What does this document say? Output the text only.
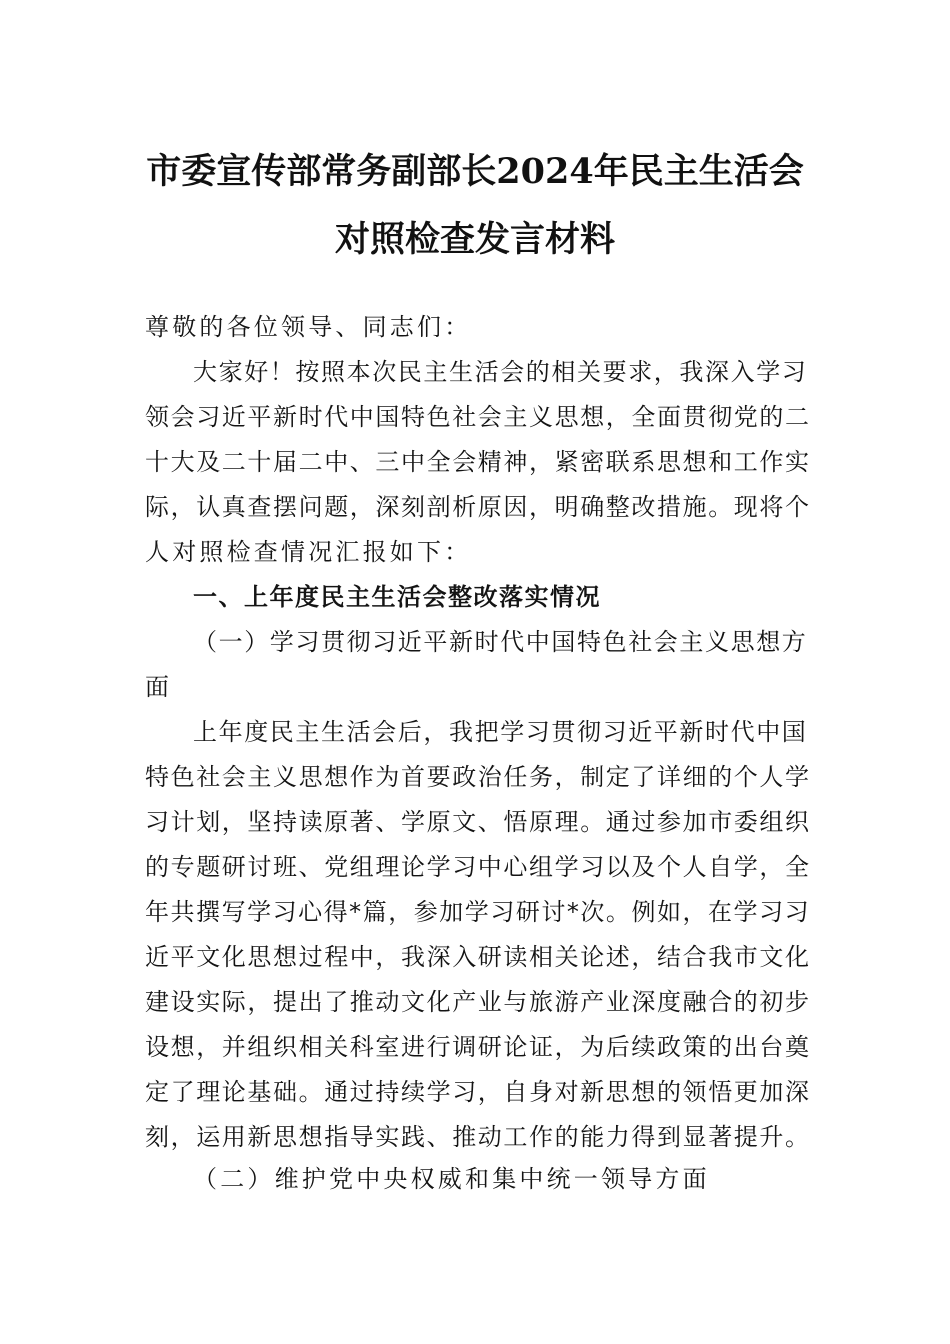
市委宣传部常务副部长2024年民主生活会
对照检查发言材料
尊敬的各位领导、同志们：
大家好！按照本次民主生活会的相关要求，我深入学习
领会习近平新时代中国特色社会主义思想，全面贯彻党的二
十大及二十届二中、三中全会精神，紧密联系思想和工作实
际，认真查摆问题，深刻剖析原因，明确整改措施。现将个
人对照检查情况汇报如下：
一、上年度民主生活会整改落实情况
（一）学习贯彻习近平新时代中国特色社会主义思想方
面
上年度民主生活会后，我把学习贯彻习近平新时代中国
特色社会主义思想作为首要政治任务，制定了详细的个人学
习计划，坚持读原著、学原文、悟原理。通过参加市委组织
的专题研讨班、党组理论学习中心组学习以及个人自学，全
年共撰写学习心得*篇，参加学习研讨*次。例如，在学习习
近平文化思想过程中，我深入研读相关论述，结合我市文化
建设实际，提出了推动文化产业与旅游产业深度融合的初步
设想，并组织相关科室进行调研论证，为后续政策的出台奠
定了理论基础。通过持续学习，自身对新思想的领悟更加深
刻，运用新思想指导实践、推动工作的能力得到显著提升。
（二）维护党中央权威和集中统一领导方面
